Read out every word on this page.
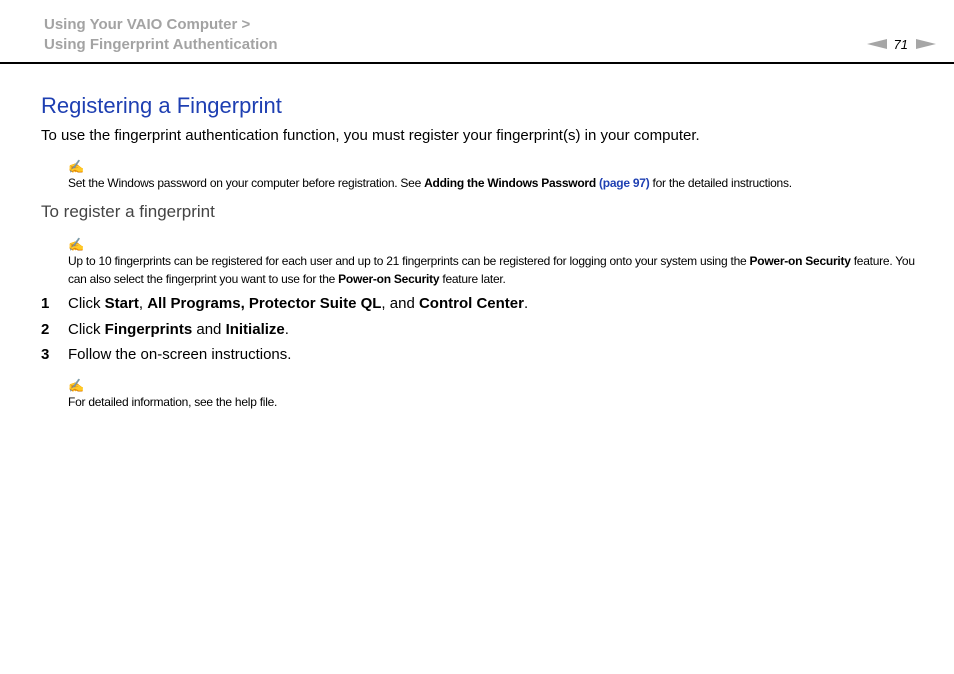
Using Your VAIO Computer >
Using Fingerprint Authentication	71
Registering a Fingerprint

To use the fingerprint authentication function, you must register your fingerprint(s) in your computer.

✍

Set the Windows password on your computer before registration. See Adding the Windows Password (page 97) for the detailed instructions.

To register a fingerprint
✍

Up to 10 fingerprints can be registered for each user and up to 21 fingerprints can be registered for logging onto your system using the Power-on Security feature. You can also select the fingerprint you want to use for the Power-on Security feature later.

1 Click Start, All Programs, Protector Suite QL, and Control Center.
2 Click Fingerprints and Initialize.
3 Follow the on-screen instructions.
✍

For detailed information, see the help file.
